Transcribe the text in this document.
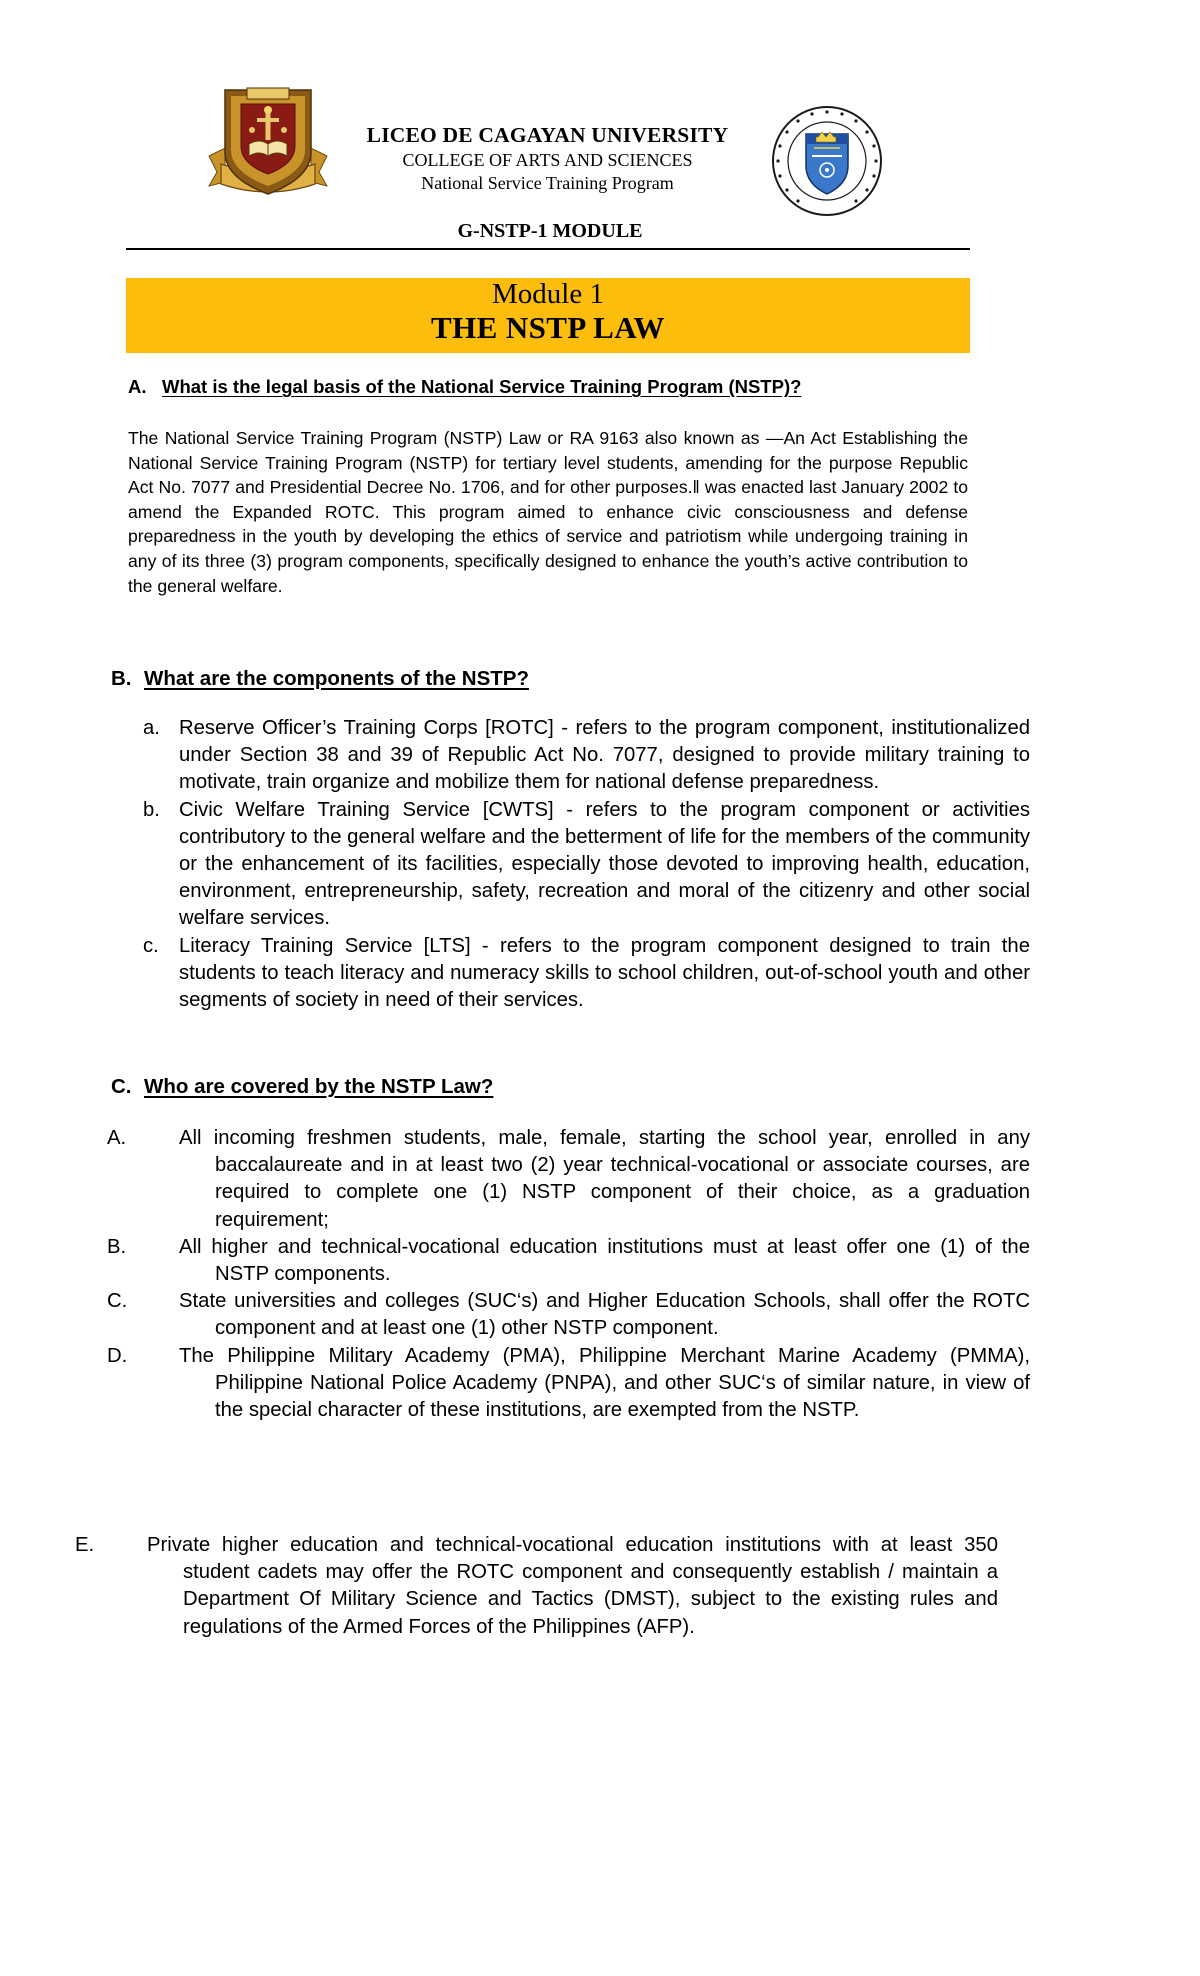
LICEO DE CAGAYAN UNIVERSITY
COLLEGE OF ARTS AND SCIENCES
National Service Training Program
G-NSTP-1 MODULE
Module 1
THE NSTP LAW
A. What is the legal basis of the National Service Training Program (NSTP)?

The National Service Training Program (NSTP) Law or RA 9163 also known as —An Act Establishing the National Service Training Program (NSTP) for tertiary level students, amending for the purpose Republic Act No. 7077 and Presidential Decree No. 1706, and for other purposes.‖ was enacted last January 2002 to amend the Expanded ROTC. This program aimed to enhance civic consciousness and defense preparedness in the youth by developing the ethics of service and patriotism while undergoing training in any of its three (3) program components, specifically designed to enhance the youth’s active contribution to the general welfare.

B. What are the components of the NSTP?
a. Reserve Officer’s Training Corps [ROTC] - refers to the program component, institutionalized under Section 38 and 39 of Republic Act No. 7077, designed to provide military training to motivate, train organize and mobilize them for national defense preparedness.
b. Civic Welfare Training Service [CWTS] - refers to the program component or activities contributory to the general welfare and the betterment of life for the members of the community or the enhancement of its facilities, especially those devoted to improving health, education, environment, entrepreneurship, safety, recreation and moral of the citizenry and other social welfare services.
c. Literacy Training Service [LTS] - refers to the program component designed to train the students to teach literacy and numeracy skills to school children, out-of-school youth and other segments of society in need of their services.
C. Who are covered by the NSTP Law?
A.	All incoming freshmen students, male, female, starting the school year, enrolled in any baccalaureate and in at least two (2) year technical-vocational or associate courses, are required to complete one (1) NSTP component of their choice, as a graduation requirement;
B.	All higher and technical-vocational education institutions must at least offer one (1) of the NSTP components.
C.	State universities and colleges (SUC‘s) and Higher Education Schools, shall offer the ROTC component and at least one (1) other NSTP component.
D.	The Philippine Military Academy (PMA), Philippine Merchant Marine Academy (PMMA), Philippine National Police Academy (PNPA), and other SUC‘s of similar nature, in view of the special character of these institutions, are exempted from the NSTP.
E.	Private higher education and technical-vocational education institutions with at least 350 student cadets may offer the ROTC component and consequently establish / maintain a Department Of Military Science and Tactics (DMST), subject to the existing rules and regulations of the Armed Forces of the Philippines (AFP).
